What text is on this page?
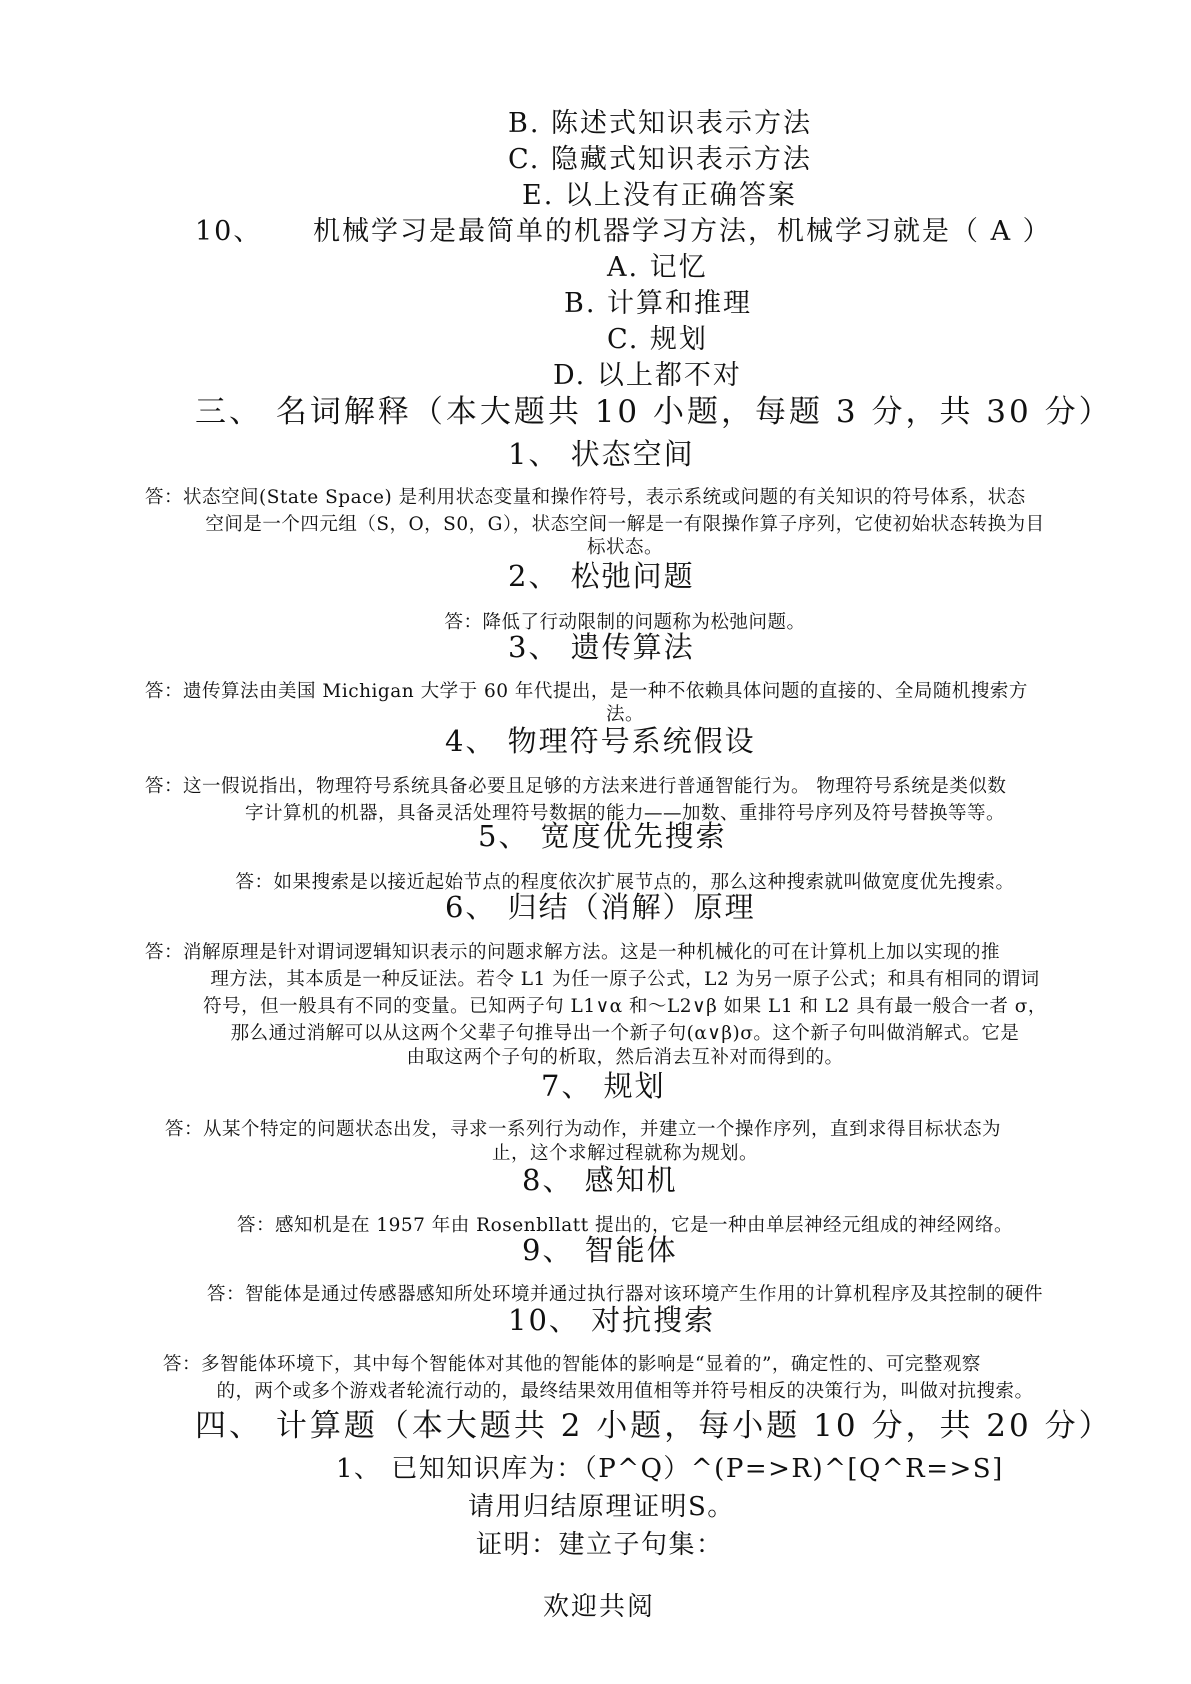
B. 陈述式知识表示方法
C. 隐藏式知识表示方法
E. 以上没有正确答案
10、 机械学习是最简单的机器学习方法，机械学习就是（ A ）
A. 记忆
B. 计算和推理
C. 规划
D. 以上都不对
三、 名词解释（本大题共 10 小题，每题 3 分，共 30 分）
1、 状态空间
答：状态空间(State Space) 是利用状态变量和操作符号，表示系统或问题的有关知识的符号体系，状态
空间是一个四元组（S，O，S0，G），状态空间一解是一有限操作算子序列，它使初始状态转换为目
标状态。
2、 松弛问题
答：降低了行动限制的问题称为松弛问题。
3、 遗传算法
答：遗传算法由美国 Michigan 大学于 60 年代提出，是一种不依赖具体问题的直接的、全局随机搜索方
法。
4、 物理符号系统假设
答：这一假说指出，物理符号系统具备必要且足够的方法来进行普通智能行为。 物理符号系统是类似数
字计算机的机器，具备灵活处理符号数据的能力——加数、重排符号序列及符号替换等等。
5、 宽度优先搜索
答：如果搜索是以接近起始节点的程度依次扩展节点的，那么这种搜索就叫做宽度优先搜索。
6、 归结（消解）原理
答：消解原理是针对谓词逻辑知识表示的问题求解方法。这是一种机械化的可在计算机上加以实现的推
理方法，其本质是一种反证法。若令 L1 为任一原子公式，L2 为另一原子公式；和具有相同的谓词
符号，但一般具有不同的变量。已知两子句 L1∨α 和～L2∨β 如果 L1 和 L2 具有最一般合一者 σ，
那么通过消解可以从这两个父辈子句推导出一个新子句(α∨β)σ。这个新子句叫做消解式。它是
由取这两个子句的析取，然后消去互补对而得到的。
7、 规划
答：从某个特定的问题状态出发，寻求一系列行为动作，并建立一个操作序列，直到求得目标状态为
止，这个求解过程就称为规划。
8、 感知机
答：感知机是在 1957 年由 Rosenbllatt 提出的，它是一种由单层神经元组成的神经网络。
9、 智能体
答：智能体是通过传感器感知所处环境并通过执行器对该环境产生作用的计算机程序及其控制的硬件
10、 对抗搜索
答：多智能体环境下，其中每个智能体对其他的智能体的影响是“显着的”，确定性的、可完整观察
的，两个或多个游戏者轮流行动的，最终结果效用值相等并符号相反的决策行为，叫做对抗搜索。
四、 计算题（本大题共 2 小题，每小题 10 分，共 20 分）
1、 已知知识库为：（P^Q）^(P=>R)^[Q^R=>S]
请用归结原理证明S。
证明：建立子句集：
欢迎共阅
